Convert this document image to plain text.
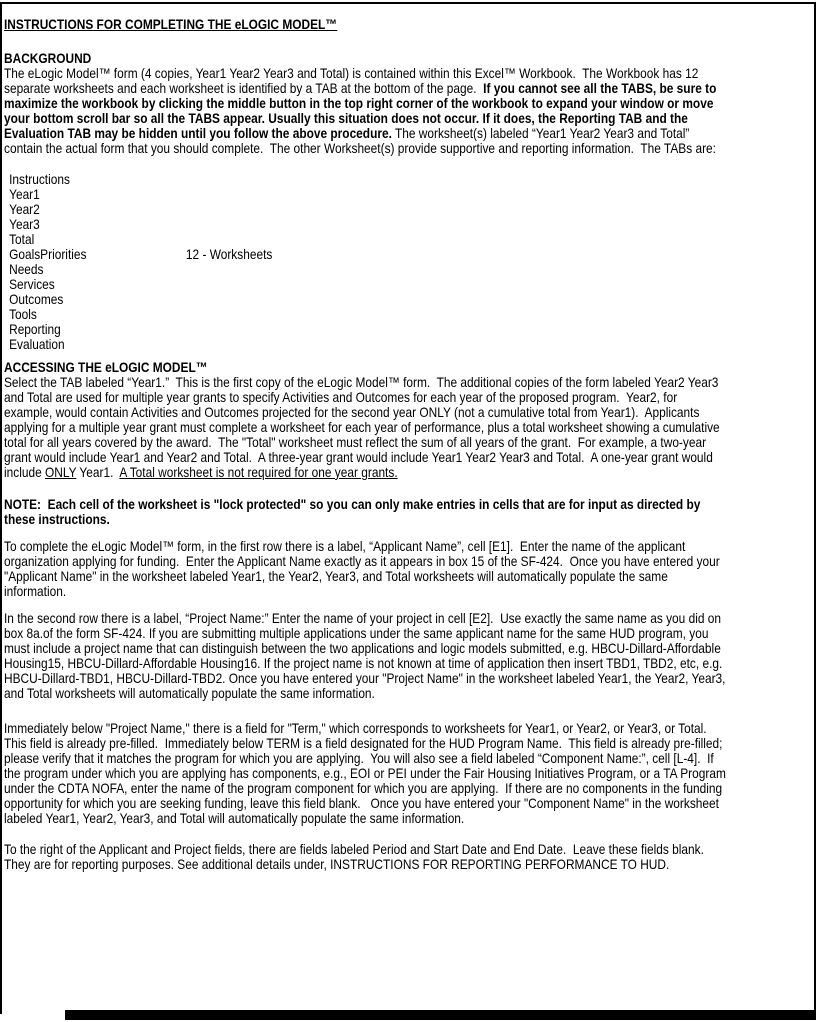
INSTRUCTIONS FOR COMPLETING THE eLOGIC MODEL™
BACKGROUND
The eLogic Model™ form (4 copies, Year1 Year2 Year3 and Total) is contained within this Excel™ Workbook.  The Workbook has 12
separate worksheets and each worksheet is identified by a TAB at the bottom of the page.  If you cannot see all the TABS, be sure to
maximize the workbook by clicking the middle button in the top right corner of the workbook to expand your window or move
your bottom scroll bar so all the TABS appear. Usually this situation does not occur. If it does, the Reporting TAB and the
Evaluation TAB may be hidden until you follow the above procedure. The worksheet(s) labeled “Year1 Year2 Year3 and Total”
contain the actual form that you should complete.  The other Worksheet(s) provide supportive and reporting information.  The TABs are:
Instructions
Year1
Year2
Year3
Total
GoalsPriorities	12 - Worksheets
Needs
Services
Outcomes
Tools
Reporting
Evaluation
ACCESSING THE eLOGIC MODEL™
Select the TAB labeled “Year1.”  This is the first copy of the eLogic Model™ form.  The additional copies of the form labeled Year2 Year3
and Total are used for multiple year grants to specify Activities and Outcomes for each year of the proposed program.  Year2, for
example, would contain Activities and Outcomes projected for the second year ONLY (not a cumulative total from Year1).  Applicants
applying for a multiple year grant must complete a worksheet for each year of performance, plus a total worksheet showing a cumulative
total for all years covered by the award.  The "Total" worksheet must reflect the sum of all years of the grant.  For example, a two-year
grant would include Year1 and Year2 and Total.  A three-year grant would include Year1 Year2 Year3 and Total.  A one-year grant would
include ONLY Year1.  A Total worksheet is not required for one year grants.
NOTE:  Each cell of the worksheet is "lock protected" so you can only make entries in cells that are for input as directed by
these instructions.
To complete the eLogic Model™ form, in the first row there is a label, “Applicant Name”, cell [E1].  Enter the name of the applicant
organization applying for funding.  Enter the Applicant Name exactly as it appears in box 15 of the SF-424.  Once you have entered your
"Applicant Name" in the worksheet labeled Year1, the Year2, Year3, and Total worksheets will automatically populate the same
information.
In the second row there is a label, “Project Name:” Enter the name of your project in cell [E2].  Use exactly the same name as you did on
box 8a.of the form SF-424. If you are submitting multiple applications under the same applicant name for the same HUD program, you
must include a project name that can distinguish between the two applications and logic models submitted, e.g. HBCU-Dillard-Affordable
Housing15, HBCU-Dillard-Affordable Housing16. If the project name is not known at time of application then insert TBD1, TBD2, etc, e.g.
HBCU-Dillard-TBD1, HBCU-Dillard-TBD2. Once you have entered your "Project Name" in the worksheet labeled Year1, the Year2, Year3,
and Total worksheets will automatically populate the same information.
Immediately below "Project Name," there is a field for "Term," which corresponds to worksheets for Year1, or Year2, or Year3, or Total.
This field is already pre-filled.  Immediately below TERM is a field designated for the HUD Program Name.  This field is already pre-filled;
please verify that it matches the program for which you are applying.  You will also see a field labeled “Component Name:”, cell [L-4].  If
the program under which you are applying has components, e.g., EOI or PEI under the Fair Housing Initiatives Program, or a TA Program
under the CDTA NOFA, enter the name of the program component for which you are applying.  If there are no components in the funding
opportunity for which you are seeking funding, leave this field blank.   Once you have entered your "Component Name" in the worksheet
labeled Year1, Year2, Year3, and Total will automatically populate the same information.
To the right of the Applicant and Project fields, there are fields labeled Period and Start Date and End Date.  Leave these fields blank.
They are for reporting purposes. See additional details under, INSTRUCTIONS FOR REPORTING PERFORMANCE TO HUD.
